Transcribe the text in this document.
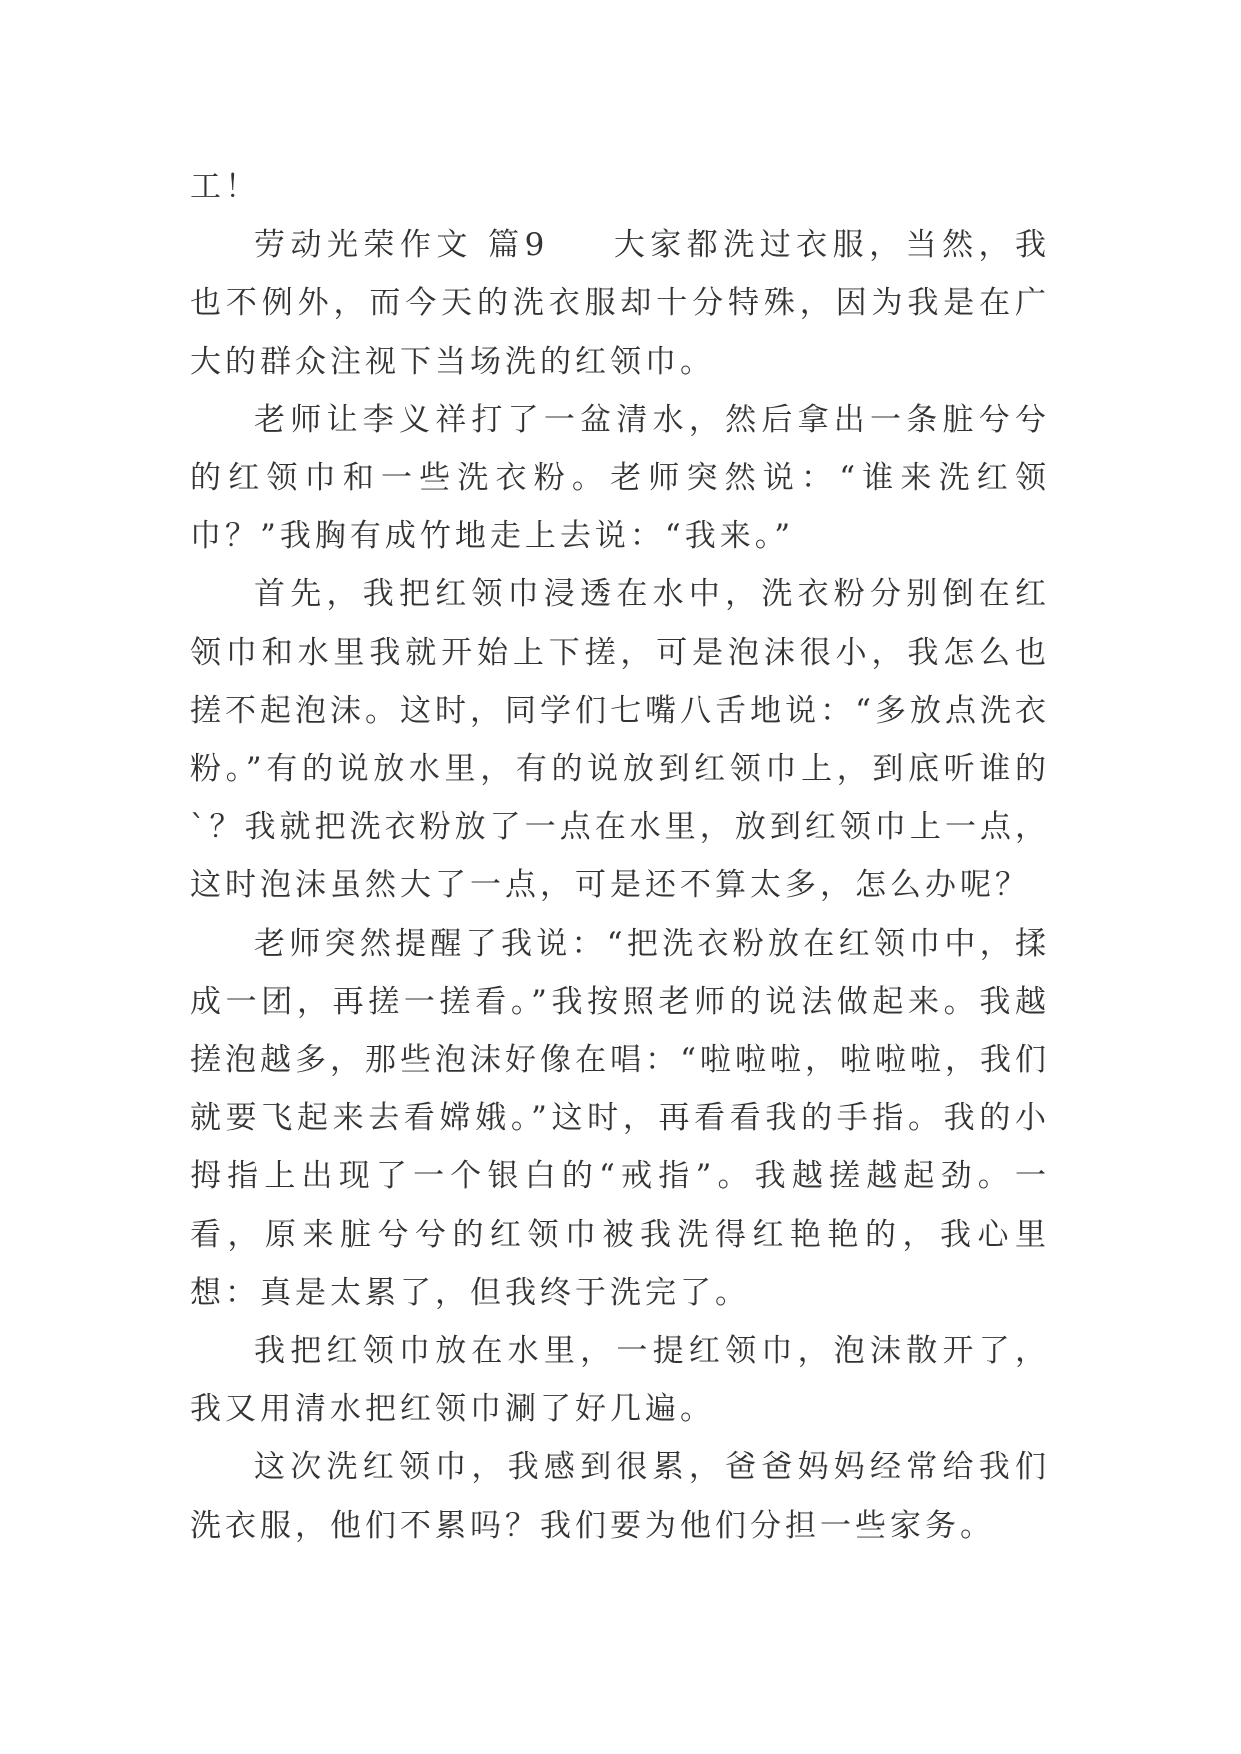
工！

劳动光荣作文 篇9 大家都洗过衣服，当然，我也不例外，而今天的洗衣服却十分特殊，因为我是在广大的群众注视下当场洗的红领巾。

老师让李义祥打了一盆清水，然后拿出一条脏兮兮的红领巾和一些洗衣粉。老师突然说：“谁来洗红领巾？”我胸有成竹地走上去说：“我来。”

首先，我把红领巾浸透在水中，洗衣粉分别倒在红领巾和水里我就开始上下搓，可是泡沫很小，我怎么也搓不起泡沫。这时，同学们七嘴八舌地说：“多放点洗衣粉。”有的说放水里，有的说放到红领巾上，到底听谁的`？我就把洗衣粉放了一点在水里，放到红领巾上一点，这时泡沫虽然大了一点，可是还不算太多，怎么办呢？

老师突然提醒了我说：“把洗衣粉放在红领巾中，揉成一团，再搓一搓看。”我按照老师的说法做起来。我越搓泡越多，那些泡沫好像在唱：“啦啦啦，啦啦啦，我们就要飞起来去看嫦娥。”这时，再看看我的手指。我的小拇指上出现了一个银白的“戒指”。我越搓越起劲。一看，原来脏兮兮的红领巾被我洗得红艳艳的，我心里想：真是太累了，但我终于洗完了。

我把红领巾放在水里，一提红领巾，泡沫散开了，我又用清水把红领巾涮了好几遍。

这次洗红领巾，我感到很累，爸爸妈妈经常给我们洗衣服，他们不累吗？我们要为他们分担一些家务。
